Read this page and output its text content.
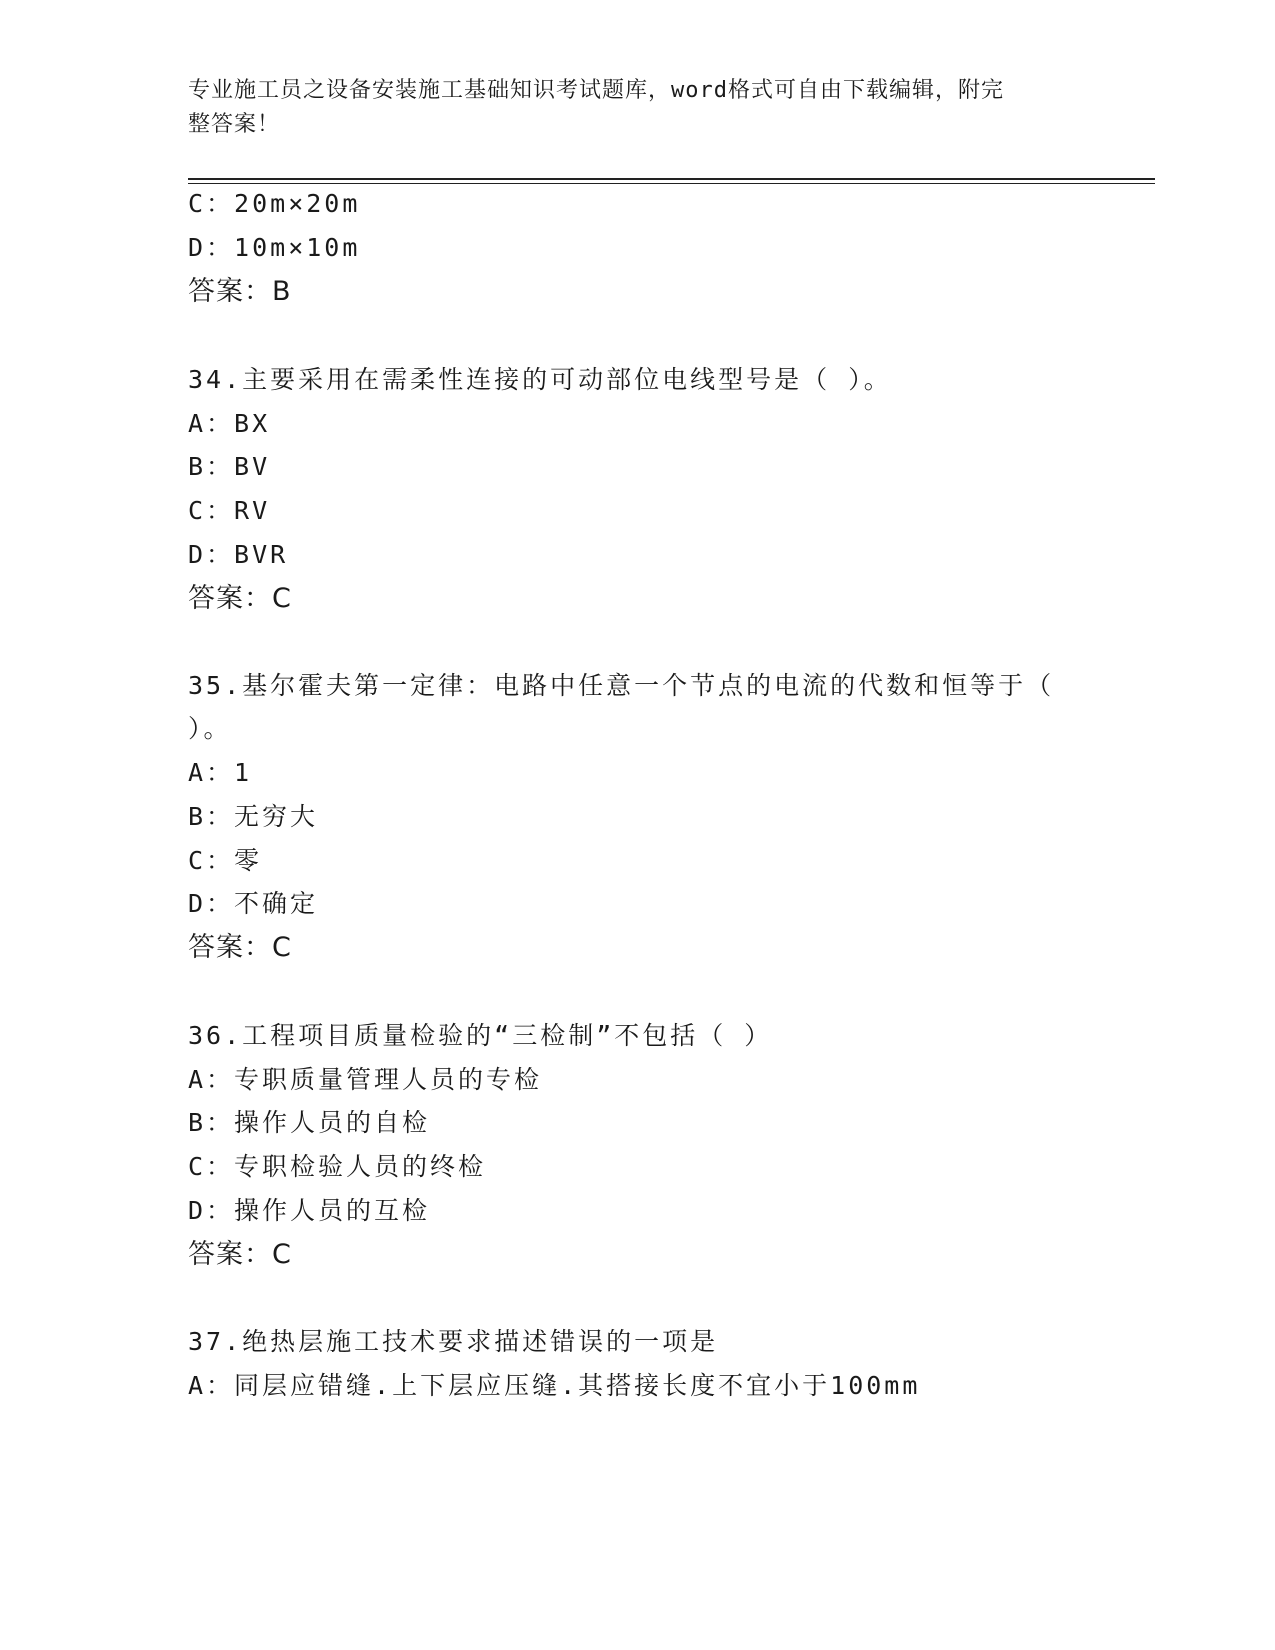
专业施工员之设备安装施工基础知识考试题库，word格式可自由下载编辑，附完
整答案！
C：20m×20m
D：10m×10m
答案：B
34.主要采用在需柔性连接的可动部位电线型号是（ ）。
A：BX
B：BV
C：RV
D：BVR
答案：C
35.基尔霍夫第一定律：电路中任意一个节点的电流的代数和恒等于（
）。
A：1
B：无穷大
C：零
D：不确定
答案：C
36.工程项目质量检验的“三检制”不包括（ ）
A：专职质量管理人员的专检
B：操作人员的自检
C：专职检验人员的终检
D：操作人员的互检
答案：C
37.绝热层施工技术要求描述错误的一项是
A：同层应错缝.上下层应压缝.其搭接长度不宜小于100mm
